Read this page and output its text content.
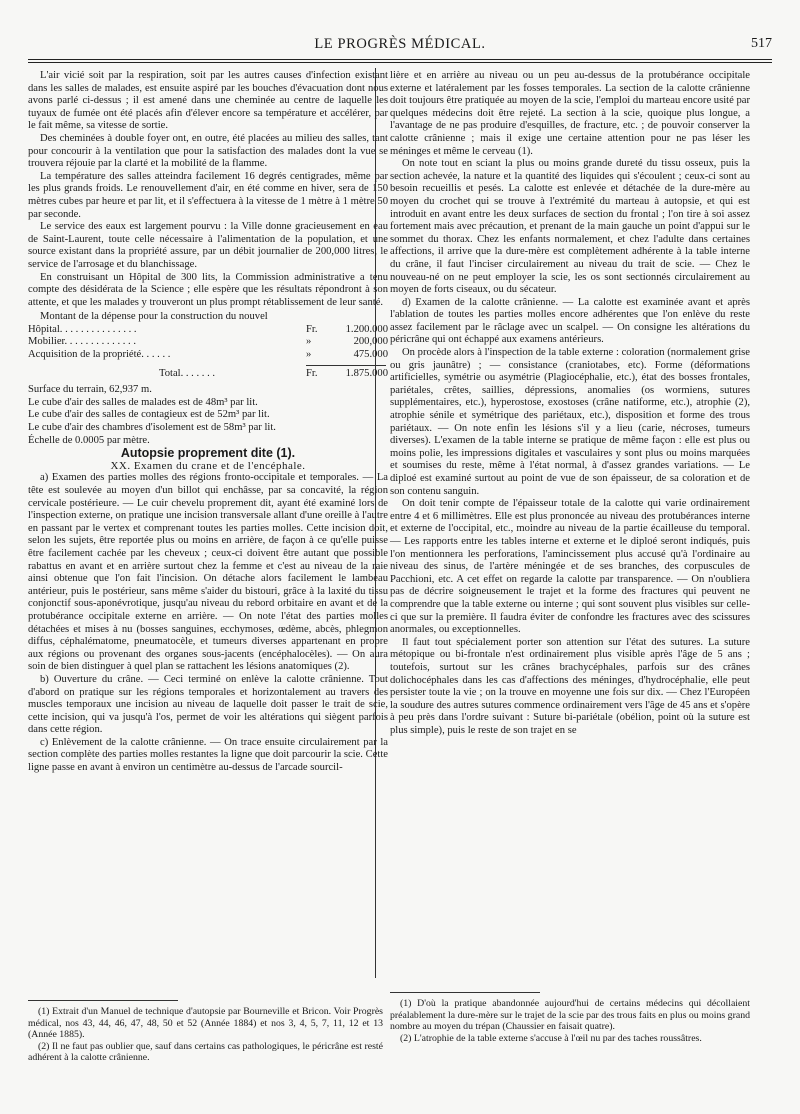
LE PROGRÈS MÉDICAL.	517

L'air vicié soit par la respiration, soit par les autres causes d'infection existant dans les salles de malades, est ensuite aspiré par les bouches d'évacuation dont nous avons parlé ci-dessus ; il est amené dans une cheminée au centre de laquelle les tuyaux de fumée ont été placés afin d'élever encore sa température et accélérer, par le fait même, sa vitesse de sortie.

Des cheminées à double foyer ont, en outre, été placées au milieu des salles, tant pour concourir à la ventilation que pour la satisfaction des malades dont la vue se trouvera réjouie par la clarté et la mobilité de la flamme.

La température des salles atteindra facilement 16 degrés centigrades, même par les plus grands froids. Le renouvellement d'air, en été comme en hiver, sera de 150 mètres cubes par heure et par lit, et il s'effectuera à la vitesse de 1 mètre à 1 mètre 50 par seconde.

Le service des eaux est largement pourvu : la Ville donne gracieusement en eau de Saint-Laurent, toute celle nécessaire à l'alimentation de la population, et une source existant dans la propriété assure, par un débit journalier de 200,000 litres, le service de l'arrosage et du blanchissage.

En construisant un Hôpital de 300 lits, la Commission administrative a tenu compte des désidérata de la Science ; elle espère que les résultats répondront à son attente, et que les malades y trouveront un plus prompt rétablissement de leur santé.

Montant de la dépense pour la construction du nouvel

Hôpital. . . . . . . . . . . . . . .	Fr.	1.200.000
Mobilier. . . . . . . . . . . . . .	»	200,000
Acquisition de la propriété. . . . . .	»	475.000
Total. . . . . . .	Fr.	1.875.000

Surface du terrain, 62,937 m.

Le cube d'air des salles de malades est de 48m³ par lit.

Le cube d'air des salles de contagieux est de 52m³ par lit.

Le cube d'air des chambres d'isolement est de 58m³ par lit.

Échelle de 0.0005 par mètre.

Autopsie proprement dite (1).

XX. Examen du crane et de l'encéphale.

a) Examen des parties molles des régions fronto-occipitale et temporales. — La tête est soulevée au moyen d'un billot qui enchâsse, par sa concavité, la région cervicale postérieure. — Le cuir chevelu proprement dit, ayant été examiné lors de l'inspection externe, on pratique une incision transversale allant d'une oreille à l'autre en passant par le vertex et comprenant toutes les parties molles. Cette incision doit, selon les sujets, être reportée plus ou moins en arrière, de façon à ce qu'elle puisse être facilement cachée par les cheveux ; ceux-ci doivent être autant que possible rabattus en avant et en arrière surtout chez la femme et c'est au niveau de la raie ainsi obtenue que l'on fait l'incision. On détache alors facilement le lambeau antérieur, puis le postérieur, sans même s'aider du bistouri, grâce à la laxité du tissu conjonctif sous-aponévrotique, jusqu'au niveau du rebord orbitaire en avant et de la protubérance occipitale externe en arrière. — On note l'état des parties molles détachées et mises à nu (bosses sanguines, ecchymoses, œdème, abcès, phlegmon diffus, céphalématome, pneumatocèle, et tumeurs diverses appartenant en propre aux régions ou provenant des organes sous-jacents (encéphalocèles). — On aura soin de bien distinguer à quel plan se rattachent les lésions anatomiques (2).

b) Ouverture du crâne. — Ceci terminé on enlève la calotte crânienne. Tout d'abord on pratique sur les régions temporales et horizontalement au travers des muscles temporaux une incision au niveau de laquelle doit passer le trait de scie, cette incision, qui va jusqu'à l'os, permet de voir les altérations qui siègent parfois dans cette région.

c) Enlèvement de la calotte crânienne. — On trace ensuite circulairement par la section complète des parties molles restantes la ligne que doit parcourir la scie. Cette ligne passe en avant à environ un centimètre au-dessus de l'arcade sourcil-

lière et en arrière au niveau ou un peu au-dessus de la protubérance occipitale externe et latéralement par les fosses temporales. La section de la calotte crânienne doit toujours être pratiquée au moyen de la scie, l'emploi du marteau encore usité par quelques médecins doit être rejeté. La section à la scie, quoique plus longue, a l'avantage de ne pas produire d'esquilles, de fracture, etc. ; de pouvoir conserver la calotte crânienne ; mais il exige une certaine attention pour ne pas léser les méninges et même le cerveau (1).

On note tout en sciant la plus ou moins grande dureté du tissu osseux, puis la section achevée, la nature et la quantité des liquides qui s'écoulent ; ceux-ci sont au besoin recueillis et pesés. La calotte est enlevée et détachée de la dure-mère au moyen du crochet qui se trouve à l'extrémité du marteau à autopsie, et qui est introduit en avant entre les deux surfaces de section du frontal ; l'on tire à soi assez fortement mais avec précaution, et prenant de la main gauche un point d'appui sur le sommet du thorax. Chez les enfants normalement, et chez l'adulte dans certaines affections, il arrive que la dure-mère est complètement adhérente à la table interne du crâne, il faut l'inciser circulairement au niveau du trait de scie. — Chez le nouveau-né on ne peut employer la scie, les os sont sectionnés circulairement au moyen de forts ciseaux, ou du sécateur.

d) Examen de la calotte crânienne. — La calotte est examinée avant et après l'ablation de toutes les parties molles encore adhérentes que l'on enlève du reste assez facilement par le râclage avec un scalpel. — On consigne les altérations du péricrâne qui ont échappé aux examens antérieurs.

On procède alors à l'inspection de la table externe : coloration (normalement grise ou gris jaunâtre) ; — consistance (craniotabes, etc). Forme (déformations artificielles, symétrie ou asymétrie (Plagiocéphalie, etc.), état des bosses frontales, pariétales, crêtes, saillies, dépressions, anomalies (os wormiens, sutures supplémentaires, etc.), hyperostose, exostoses (crâne natiforme, etc.), atrophie (2), atrophie sénile et symétrique des pariétaux, etc.), disposition et forme des trous pariétaux. — On note enfin les lésions s'il y a lieu (carie, nécroses, tumeurs diverses). L'examen de la table interne se pratique de même façon : elle est plus ou moins polie, les impressions digitales et vasculaires y sont plus ou moins marquées et soumises du reste, même à l'état normal, à d'assez grandes variations. — Le diploé est examiné surtout au point de vue de son épaisseur, de sa coloration et de son contenu sanguin.

On doit tenir compte de l'épaisseur totale de la calotte qui varie ordinairement entre 4 et 6 millimètres. Elle est plus prononcée au niveau des protubérances interne et externe de l'occipital, etc., moindre au niveau de la partie écailleuse du temporal. — Les rapports entre les tables interne et externe et le diploé seront indiqués, puis l'on mentionnera les perforations, l'amincissement plus accusé qu'à l'ordinaire au niveau des sinus, de l'artère méningée et de ses branches, des corpuscules de Pacchioni, etc. A cet effet on regarde la calotte par transparence. — On n'oubliera pas de décrire soigneusement le trajet et la forme des fractures qui peuvent ne comprendre que la table externe ou interne ; qui sont souvent plus visibles sur celle-ci que sur la première. Il faudra éviter de confondre les fractures avec des scissures anormales, ou exceptionnelles.

Il faut tout spécialement porter son attention sur l'état des sutures. La suture métopique ou bi-frontale n'est ordinairement plus visible après l'âge de 5 ans ; toutefois, surtout sur les crânes brachycéphales, parfois sur des crânes dolichocéphales dans les cas d'affections des méninges, d'hydrocéphalie, elle peut persister toute la vie ; on la trouve en moyenne une fois sur dix. — Chez l'Européen la soudure des autres sutures commence ordinairement vers l'âge de 45 ans et s'opère à peu près dans l'ordre suivant : Suture bi-pariétale (obélion, point où la suture est plus simple), puis le reste de son trajet en se

(1) Extrait d'un Manuel de technique d'autopsie par Bourneville et Bricon. Voir Progrès médical, nos 43, 44, 46, 47, 48, 50 et 52 (Année 1884) et nos 3, 4, 5, 7, 11, 12 et 13 (Année 1885).

(2) Il ne faut pas oublier que, sauf dans certains cas pathologiques, le péricrâne est resté adhérent à la calotte crânienne.

(1) D'où la pratique abandonnée aujourd'hui de certains médecins qui décollaient préalablement la dure-mère sur le trajet de la scie par des trous faits en plus ou moins grand nombre au moyen du trépan (Chaussier en faisait quatre).

(2) L'atrophie de la table externe s'accuse à l'œil nu par des taches roussâtres.
